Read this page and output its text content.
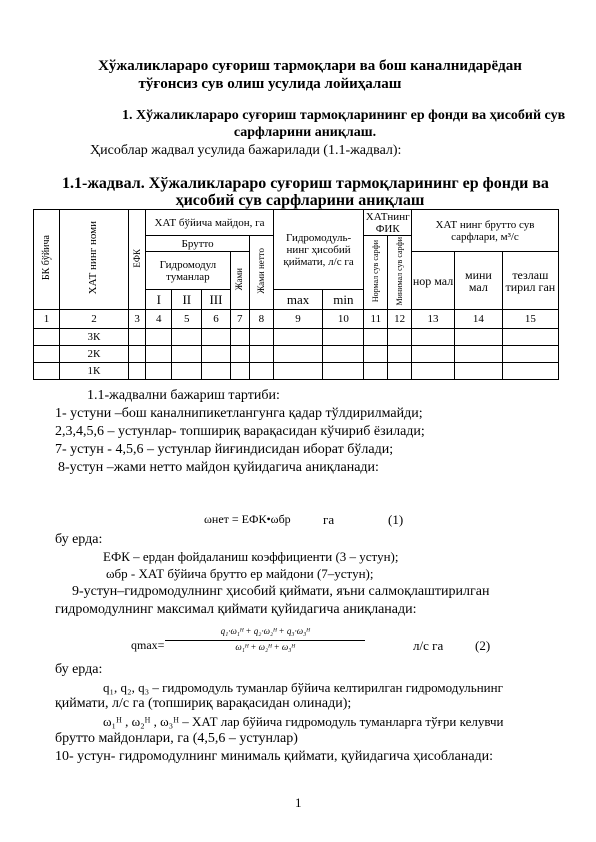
Хўжаликлараро суғориш тармоқлари ва бош каналнидарёдан
тўғонсиз сув олиш усулида лойиҳалаш
1. Хўжаликлараро суғориш тармоқларининг ер фонди ва ҳисобий сув
сарфларини аниқлаш.
Ҳисоблар жадвал усулида бажарилади (1.1-жадвал):
1.1-жадвал. Хўжаликлараро суғориш тармоқларининг ер фонди ва
ҳисобий сув сарфларини аниқлаш
БК бўйича	ХАТ нинг номи	ЕФК	ХАТ бўйича майдон, га					Гидромодуль-нинг ҳисобий қиймати, л/с га		ХАТнинг ФИК		ХАТ нинг брутто сув сарфлари, м³/с		
			Брутто				Жами нетто			Нормал сув сарфи	Минимал сув сарфи			
			Гидромодул туманлар			Жами						нор мал	мини мал	тезлаш тирил ган
			I	II	III			max	min					
1	2	3	4	5	6	7	8	9	10	11	12	13	14	15
	3К													
	2К													
	1К													
1.1-жадвални бажариш тартиби:
1- устуни –бош каналнипикетлангунга қадар тўлдирилмайди;
2,3,4,5,6 – устунлар- топшириқ варақасидан кўчириб ёзилади;
7- устун - 4,5,6 – устунлар йиғиндисидан иборат бўлади;
8-устун –жами нетто майдон қуйидагича аниқланади:
ωнет = ЕФК•ωбр га	(1)
бу ерда:
ЕФК – ердан фойдаланиш коэффициенти (3 – устун);
ωбр - ХАТ бўйича брутто ер майдони (7–устун);
9-устун–гидромодулнинг ҳисобий қиймати, яъни салмоқлаштирилган
гидромодулнинг максимал қиймати қуйидагича аниқланади:
qmax=
q₁·ω₁ᴴ + q₂·ω₂ᴴ + q₃·ω₃ᴴ
ω₁ᴴ + ω₂ᴴ + ω₃ᴴ	л/с га (2)
бу ерда:
q₁, q₂, q₃ – гидромодуль туманлар бўйича келтирилган гидромодульнинг
қиймати, л/с га (топшириқ варақасидан олинади);
ω₁ᴴ , ω₂ᴴ , ω₃ᴴ – ХАТ лар бўйича гидромодуль туманларга тўғри келувчи
брутто майдонлари, га (4,5,6 – устунлар)
10- устун- гидромодулнинг минималь қиймати, қуйидагича ҳисобланади:
1
